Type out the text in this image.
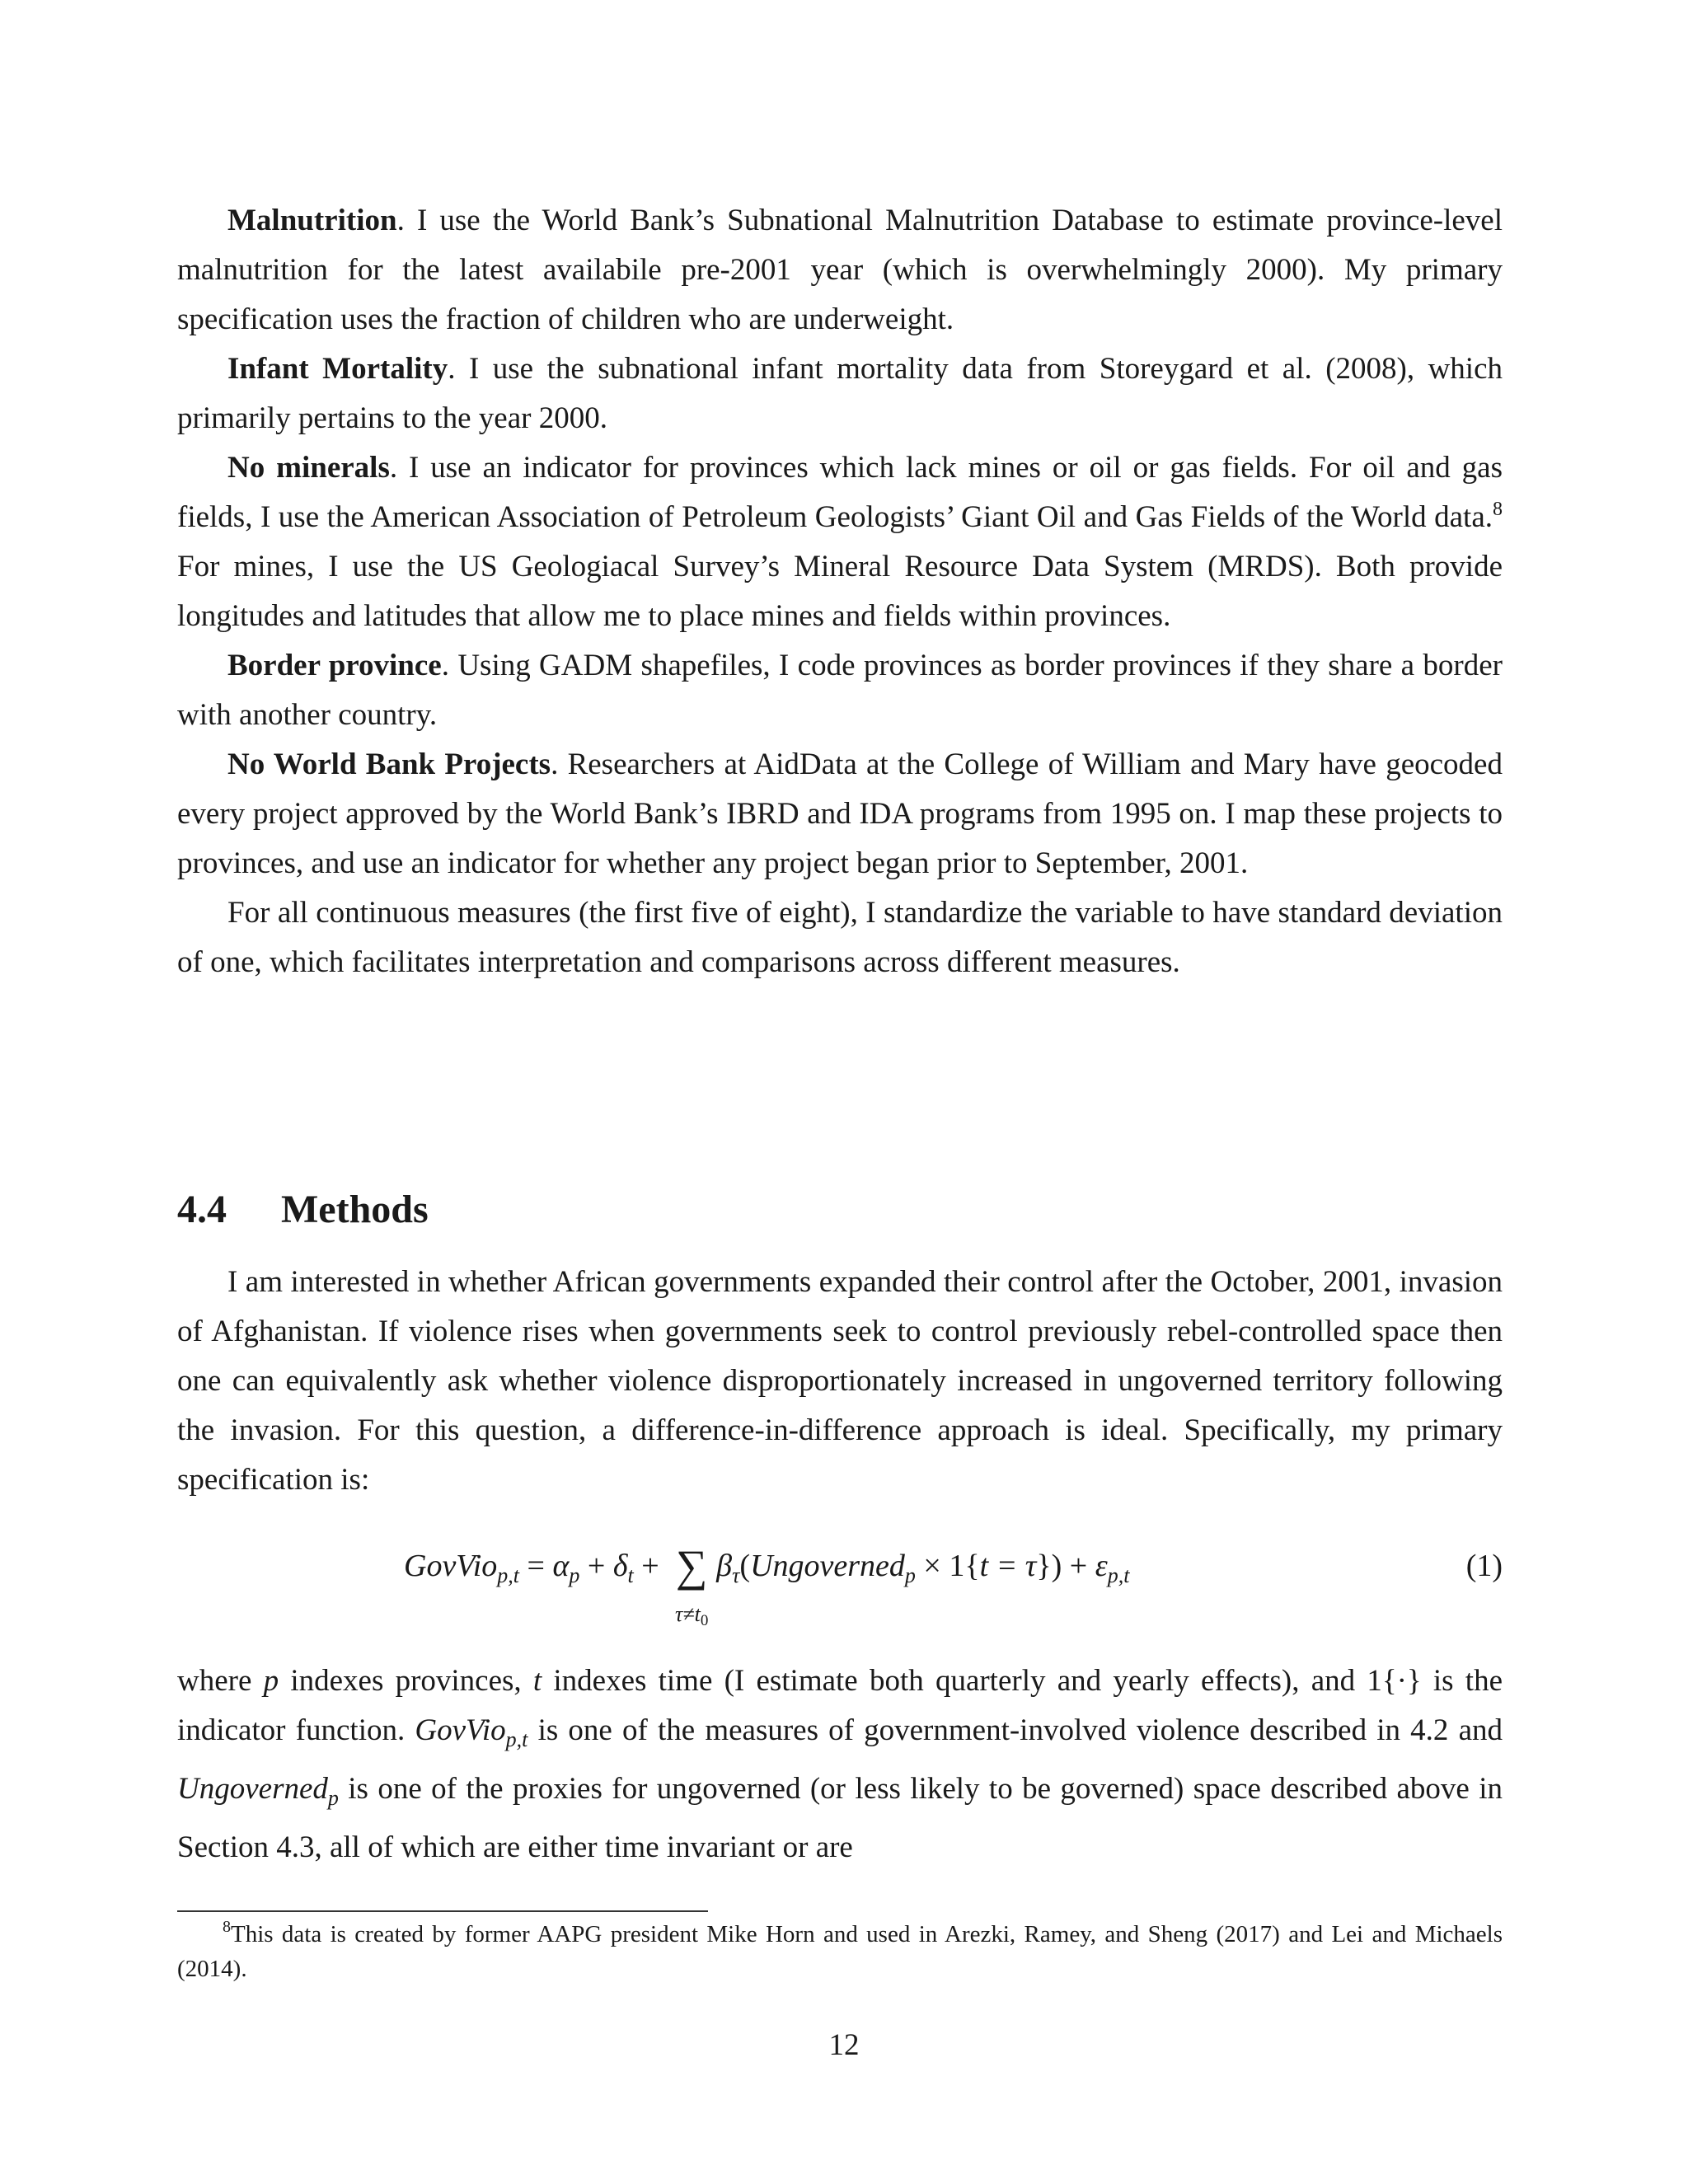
Malnutrition. I use the World Bank’s Subnational Malnutrition Database to estimate province-level malnutrition for the latest availabile pre-2001 year (which is overwhelmingly 2000). My primary specification uses the fraction of children who are underweight.

Infant Mortality. I use the subnational infant mortality data from Storeygard et al. (2008), which primarily pertains to the year 2000.

No minerals. I use an indicator for provinces which lack mines or oil or gas fields. For oil and gas fields, I use the American Association of Petroleum Geologists’ Giant Oil and Gas Fields of the World data.$^8$ For mines, I use the US Geologiacal Survey’s Mineral Resource Data System (MRDS). Both provide longitudes and latitudes that allow me to place mines and fields within provinces.

Border province. Using GADM shapefiles, I code provinces as border provinces if they share a border with another country.

No World Bank Projects. Researchers at AidData at the College of William and Mary have geocoded every project approved by the World Bank’s IBRD and IDA programs from 1995 on. I map these projects to provinces, and use an indicator for whether any project began prior to September, 2001.

For all continuous measures (the first five of eight), I standardize the variable to have standard deviation of one, which facilitates interpretation and comparisons across different measures.

4.4 Methods

I am interested in whether African governments expanded their control after the October, 2001, invasion of Afghanistan. If violence rises when governments seek to control previously rebel-controlled space then one can equivalently ask whether violence disproportionately increased in ungoverned territory following the invasion. For this question, a difference-in-difference approach is ideal. Specifically, my primary specification is:

GovVio$_{p,t}$ = $\alpha_p + \delta_t$ + ∑
τ≠t0
$\beta_\tau(Ungoverned_p \times 1\{t = \tau\}) + \varepsilon_{p,t}$	(1)

where p indexes provinces, t indexes time (I estimate both quarterly and yearly effects), and 1{·} is the indicator function. GovVio$_{p,t}$ is one of the measures of government-involved violence described in 4.2 and Ungoverned$_p$ is one of the proxies for ungoverned (or less likely to be governed) space described above in Section 4.3, all of which are either time invariant or are

$^8$This data is created by former AAPG president Mike Horn and used in Arezki, Ramey, and Sheng (2017) and Lei and Michaels (2014).

12
